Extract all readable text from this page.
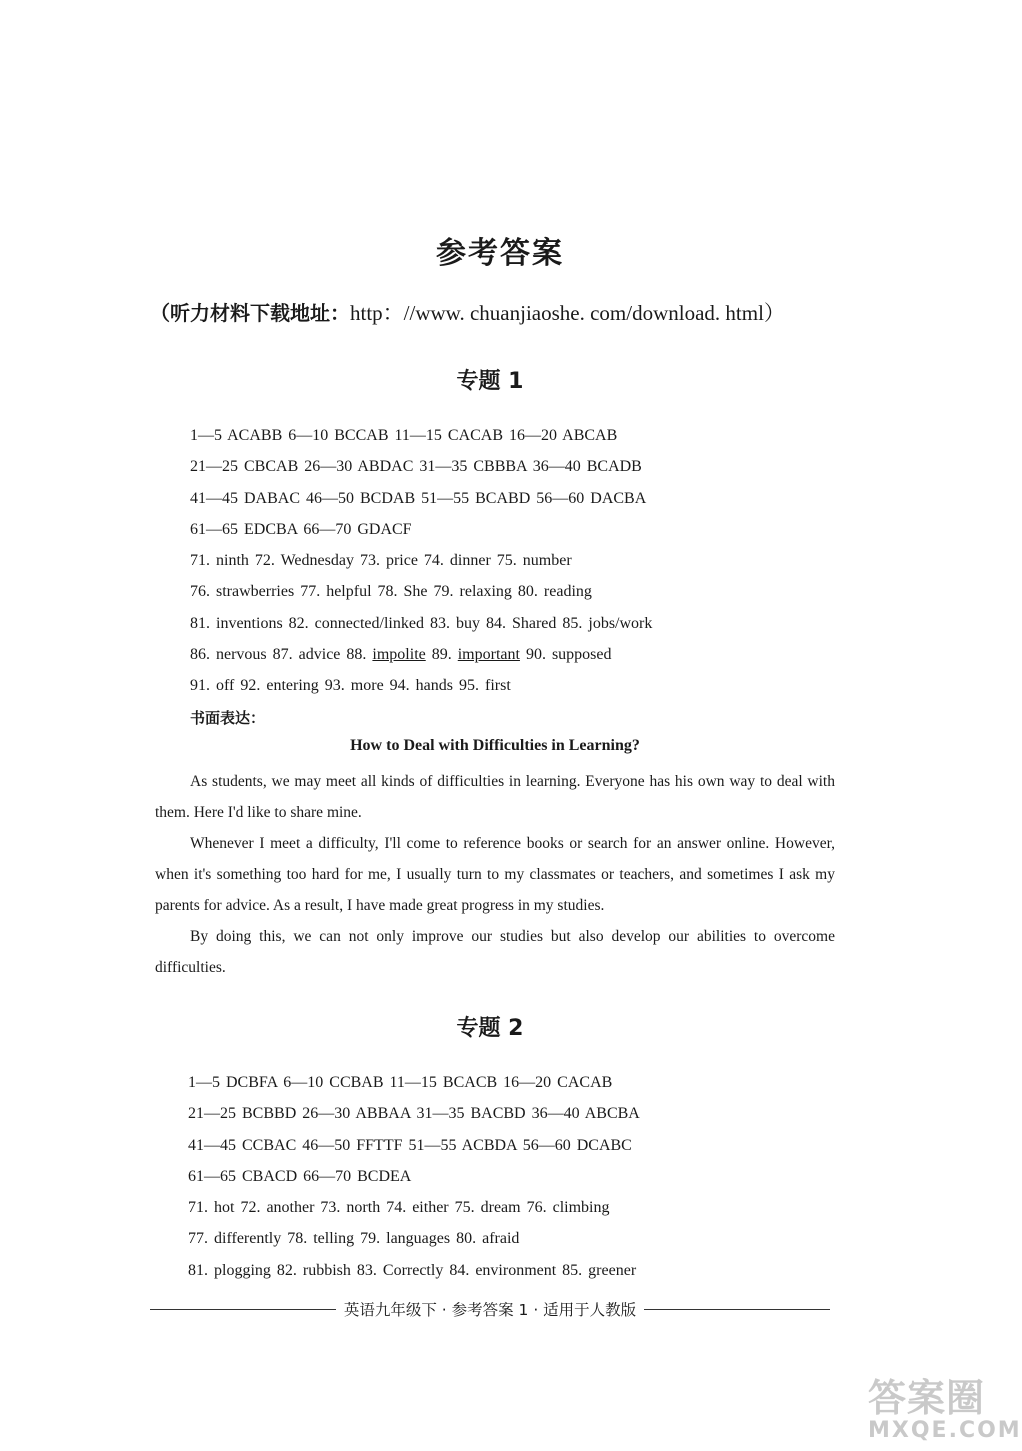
参考答案
（听力材料下载地址：http：//www. chuanjiaoshe. com/download. html）
专题 1
1—5 ACABB 6—10 BCCAB 11—15 CACAB 16—20 ABCAB
21—25 CBCAB 26—30 ABDAC 31—35 CBBBA 36—40 BCADB
41—45 DABAC 46—50 BCDAB 51—55 BCABD 56—60 DACBA
61—65 EDCBA 66—70 GDACF
71. ninth 72. Wednesday 73. price 74. dinner 75. number
76. strawberries 77. helpful 78. She 79. relaxing 80. reading
81. inventions 82. connected/linked 83. buy 84. Shared 85. jobs/work
86. nervous 87. advice 88. impolite 89. important 90. supposed
91. off 92. entering 93. more 94. hands 95. first
书面表达：
How to Deal with Difficulties in Learning?

As students, we may meet all kinds of difficulties in learning. Everyone has his own way to deal with them. Here I'd like to share mine.

Whenever I meet a difficulty, I'll come to reference books or search for an answer online. However, when it's something too hard for me, I usually turn to my classmates or teachers, and sometimes I ask my parents for advice. As a result, I have made great progress in my studies.

By doing this, we can not only improve our studies but also develop our abilities to overcome difficulties.

专题 2
1—5 DCBFA 6—10 CCBAB 11—15 BCACB 16—20 CACAB
21—25 BCBBD 26—30 ABBAA 31—35 BACBD 36—40 ABCBA
41—45 CCBAC 46—50 FFTTF 51—55 ACBDA 56—60 DCABC
61—65 CBACD 66—70 BCDEA
71. hot 72. another 73. north 74. either 75. dream 76. climbing
77. differently 78. telling 79. languages 80. afraid
81. plogging 82. rubbish 83. Correctly 84. environment 85. greener
英语九年级下 · 参考答案 1 · 适用于人教版
答案圈
MXQE.COM
